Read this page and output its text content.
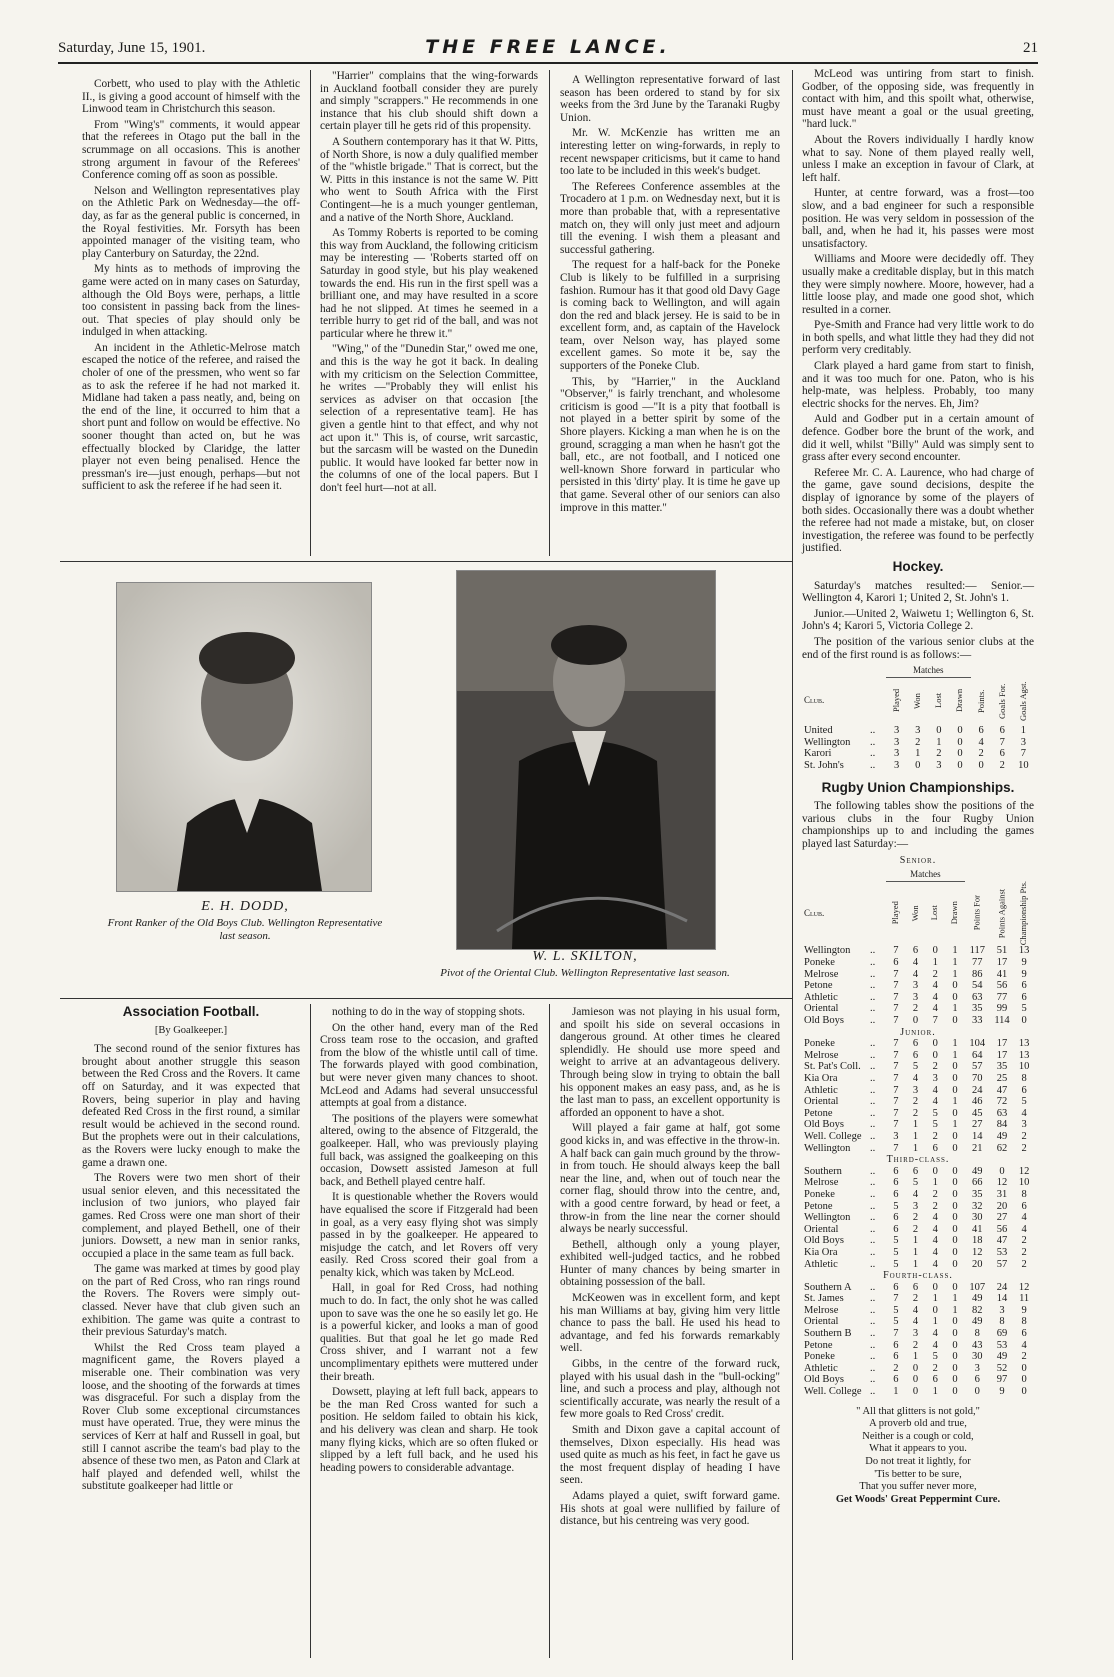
Saturday, June 15, 1901.	THE FREE LANCE.	21

Corbett, who used to play with the Athletic II., is giving a good account of himself with the Linwood team in Christchurch this season.

From "Wing's" comments, it would appear that the referees in Otago put the ball in the scrummage on all occasions. This is another strong argument in favour of the Referees' Conference coming off as soon as possible.

Nelson and Wellington representatives play on the Athletic Park on Wednesday—the off-day, as far as the general public is concerned, in the Royal festivities. Mr. Forsyth has been appointed manager of the visiting team, who play Canterbury on Saturday, the 22nd.

My hints as to methods of improving the game were acted on in many cases on Saturday, although the Old Boys were, perhaps, a little too consistent in passing back from the lines-out. That species of play should only be indulged in when attacking.

An incident in the Athletic-Melrose match escaped the notice of the referee, and raised the choler of one of the pressmen, who went so far as to ask the referee if he had not marked it. Midlane had taken a pass neatly, and, being on the end of the line, it occurred to him that a short punt and follow on would be effective. No sooner thought than acted on, but he was effectually blocked by Claridge, the latter player not even being penalised. Hence the pressman's ire—just enough, perhaps—but not sufficient to ask the referee if he had seen it.

"Harrier" complains that the wing-forwards in Auckland football consider they are purely and simply "scrappers." He recommends in one instance that his club should shift down a certain player till he gets rid of this propensity.

A Southern contemporary has it that W. Pitts, of North Shore, is now a duly qualified member of the "whistle brigade." That is correct, but the W. Pitts in this instance is not the same W. Pitt who went to South Africa with the First Contingent—he is a much younger gentleman, and a native of the North Shore, Auckland.

As Tommy Roberts is reported to be coming this way from Auckland, the following criticism may be interesting — 'Roberts started off on Saturday in good style, but his play weakened towards the end. His run in the first spell was a brilliant one, and may have resulted in a score had he not slipped. At times he seemed in a terrible hurry to get rid of the ball, and was not particular where he threw it."

"Wing," of the "Dunedin Star," owed me one, and this is the way he got it back. In dealing with my criticism on the Selection Committee, he writes —"Probably they will enlist his services as adviser on that occasion [the selection of a representative team]. He has given a gentle hint to that effect, and why not act upon it." This is, of course, writ sarcastic, but the sarcasm will be wasted on the Dunedin public. It would have looked far better now in the columns of one of the local papers. But I don't feel hurt—not at all.

A Wellington representative forward of last season has been ordered to stand by for six weeks from the 3rd June by the Taranaki Rugby Union.

Mr. W. McKenzie has written me an interesting letter on wing-forwards, in reply to recent newspaper criticisms, but it came to hand too late to be included in this week's budget.

The Referees Conference assembles at the Trocadero at 1 p.m. on Wednesday next, but it is more than probable that, with a representative match on, they will only just meet and adjourn till the evening. I wish them a pleasant and successful gathering.

The request for a half-back for the Poneke Club is likely to be fulfilled in a surprising fashion. Rumour has it that good old Davy Gage is coming back to Wellington, and will again don the red and black jersey. He is said to be in excellent form, and, as captain of the Havelock team, over Nelson way, has played some excellent games. So mote it be, say the supporters of the Poneke Club.

This, by "Harrier," in the Auckland "Observer," is fairly trenchant, and wholesome criticism is good —"It is a pity that football is not played in a better spirit by some of the Shore players. Kicking a man when he is on the ground, scragging a man when he hasn't got the ball, etc., are not football, and I noticed one well-known Shore forward in particular who persisted in this 'dirty' play. It is time he gave up that game. Several other of our seniors can also improve in this matter."

McLeod was untiring from start to finish. Godber, of the opposing side, was frequently in contact with him, and this spoilt what, otherwise, must have meant a goal or the usual greeting, "hard luck."

About the Rovers individually I hardly know what to say. None of them played really well, unless I make an exception in favour of Clark, at left half.

Hunter, at centre forward, was a frost—too slow, and a bad engineer for such a responsible position. He was very seldom in possession of the ball, and, when he had it, his passes were most unsatisfactory.

Williams and Moore were decidedly off. They usually make a creditable display, but in this match they were simply nowhere. Moore, however, had a little loose play, and made one good shot, which resulted in a corner.

Pye-Smith and France had very little work to do in both spells, and what little they had they did not perform very creditably.

Clark played a hard game from start to finish, and it was too much for one. Paton, who is his help-mate, was helpless. Probably, too many electric shocks for the nerves. Eh, Jim?

Auld and Godber put in a certain amount of defence. Godber bore the brunt of the work, and did it well, whilst "Billy" Auld was simply sent to grass after every second encounter.

Referee Mr. C. A. Laurence, who had charge of the game, gave sound decisions, despite the display of ignorance by some of the players of both sides. Occasionally there was a doubt whether the referee had not made a mistake, but, on closer investigation, the referee was found to be perfectly justified.

Hockey.

Saturday's matches resulted:— Senior.—Wellington 4, Karori 1; United 2, St. John's 1.

Junior.—United 2, Waiwetu 1; Wellington 6, St. John's 4; Karori 5, Victoria College 2.

The position of the various senior clubs at the end of the first round is as follows:—

		Matches						
Club.		Played	Won	Lost	Drawn	Points.	Goals For.	Goals Agst.
United	..	3	3	0	0	6	6	1
Wellington	..	3	2	1	0	4	7	3
Karori	..	3	1	2	0	2	6	7
St. John's	..	3	0	3	0	0	2	10
Rugby Union Championships.

The following tables show the positions of the various clubs in the four Rugby Union championships up to and including the games played last Saturday:—

Senior.
		Matches						
Club.		Played	Won	Lost	Drawn	Points For	Points Against	Championship Pts.
Wellington	..	7	6	0	1	117	51	13
Poneke	..	6	4	1	1	77	17	9
Melrose	..	7	4	2	1	86	41	9
Petone	..	7	3	4	0	54	56	6
Athletic	..	7	3	4	0	63	77	6
Oriental	..	7	2	4	1	35	99	5
Old Boys	..	7	0	7	0	33	114	0
Junior.								
Poneke	..	7	6	0	1	104	17	13
Melrose	..	7	6	0	1	64	17	13
St. Pat's Coll.	..	7	5	2	0	57	35	10
Kia Ora	..	7	4	3	0	70	25	8
Athletic	..	7	3	4	0	24	47	6
Oriental	..	7	2	4	1	46	72	5
Petone	..	7	2	5	0	45	63	4
Old Boys	..	7	1	5	1	27	84	3
Well. College	..	3	1	2	0	14	49	2
Wellington	..	7	1	6	0	21	62	2
Third-class.								
Southern	..	6	6	0	0	49	0	12
Melrose	..	6	5	1	0	66	12	10
Poneke	..	6	4	2	0	35	31	8
Petone	..	5	3	2	0	32	20	6
Wellington	..	6	2	4	0	30	27	4
Oriental	..	6	2	4	0	41	56	4
Old Boys	..	5	1	4	0	18	47	2
Kia Ora	..	5	1	4	0	12	53	2
Athletic	..	5	1	4	0	20	57	2
Fourth-class.								
Southern A	..	6	6	0	0	107	24	12
St. James	..	7	2	1	1	49	14	11
Melrose	..	5	4	0	1	82	3	9
Oriental	..	5	4	1	0	49	8	8
Southern B	..	7	3	4	0	8	69	6
Petone	..	6	2	4	0	43	53	4
Poneke	..	6	1	5	0	30	49	2
Athletic	..	2	0	2	0	3	52	0
Old Boys	..	6	0	6	0	6	97	0
Well. College	..	1	0	1	0	0	9	0
" All that glitters is not gold,"
A proverb old and true,
Neither is a cough or cold,
What it appears to you.
Do not treat it lightly, for
'Tis better to be sure,
That you suffer never more,
Get Woods' Great Peppermint Cure.
E. H. DODD,
Front Ranker of the Old Boys Club. Wellington Representative last season.
W. L. SKILTON,
Pivot of the Oriental Club. Wellington Representative last season.
Association Football.
[By Goalkeeper.]

The second round of the senior fixtures has brought about another struggle this season between the Red Cross and the Rovers. It came off on Saturday, and it was expected that Rovers, being superior in play and having defeated Red Cross in the first round, a similar result would be achieved in the second round. But the prophets were out in their calculations, as the Rovers were lucky enough to make the game a drawn one.

The Rovers were two men short of their usual senior eleven, and this necessitated the inclusion of two juniors, who played fair games. Red Cross were one man short of their complement, and played Bethell, one of their juniors. Dowsett, a new man in senior ranks, occupied a place in the same team as full back.

The game was marked at times by good play on the part of Red Cross, who ran rings round the Rovers. The Rovers were simply out-classed. Never have that club given such an exhibition. The game was quite a contrast to their previous Saturday's match.

Whilst the Red Cross team played a magnificent game, the Rovers played a miserable one. Their combination was very loose, and the shooting of the forwards at times was disgraceful. For such a display from the Rover Club some exceptional circumstances must have operated. True, they were minus the services of Kerr at half and Russell in goal, but still I cannot ascribe the team's bad play to the absence of these two men, as Paton and Clark at half played and defended well, whilst the substitute goalkeeper had little or

nothing to do in the way of stopping shots.

On the other hand, every man of the Red Cross team rose to the occasion, and grafted from the blow of the whistle until call of time. The forwards played with good combination, but were never given many chances to shoot. McLeod and Adams had several unsuccessful attempts at goal from a distance.

The positions of the players were somewhat altered, owing to the absence of Fitzgerald, the goalkeeper. Hall, who was previously playing full back, was assigned the goalkeeping on this occasion, Dowsett assisted Jameson at full back, and Bethell played centre half.

It is questionable whether the Rovers would have equalised the score if Fitzgerald had been in goal, as a very easy flying shot was simply passed in by the goalkeeper. He appeared to misjudge the catch, and let Rovers off very easily. Red Cross scored their goal from a penalty kick, which was taken by McLeod.

Hall, in goal for Red Cross, had nothing much to do. In fact, the only shot he was called upon to save was the one he so easily let go. He is a powerful kicker, and looks a man of good qualities. But that goal he let go made Red Cross shiver, and I warrant not a few uncomplimentary epithets were muttered under their breath.

Dowsett, playing at left full back, appears to be the man Red Cross wanted for such a position. He seldom failed to obtain his kick, and his delivery was clean and sharp. He took many flying kicks, which are so often fluked or slipped by a left full back, and he used his heading powers to considerable advantage.

Jamieson was not playing in his usual form, and spoilt his side on several occasions in dangerous ground. At other times he cleared splendidly. He should use more speed and weight to arrive at an advantageous delivery. Through being slow in trying to obtain the ball his opponent makes an easy pass, and, as he is the last man to pass, an excellent opportunity is afforded an opponent to have a shot.

Will played a fair game at half, got some good kicks in, and was effective in the throw-in. A half back can gain much ground by the throw-in from touch. He should always keep the ball near the line, and, when out of touch near the corner flag, should throw into the centre, and, with a good centre forward, by head or feet, a throw-in from the line near the corner should always be nearly successful.

Bethell, although only a young player, exhibited well-judged tactics, and he robbed Hunter of many chances by being smarter in obtaining possession of the ball.

McKeowen was in excellent form, and kept his man Williams at bay, giving him very little chance to pass the ball. He used his head to advantage, and fed his forwards remarkably well.

Gibbs, in the centre of the forward ruck, played with his usual dash in the "bull-ocking" line, and such a process and play, although not scientifically accurate, was nearly the result of a few more goals to Red Cross' credit.

Smith and Dixon gave a capital account of themselves, Dixon especially. His head was used quite as much as his feet, in fact he gave us the most frequent display of heading I have seen.

Adams played a quiet, swift forward game. His shots at goal were nullified by failure of distance, but his centreing was very good.
